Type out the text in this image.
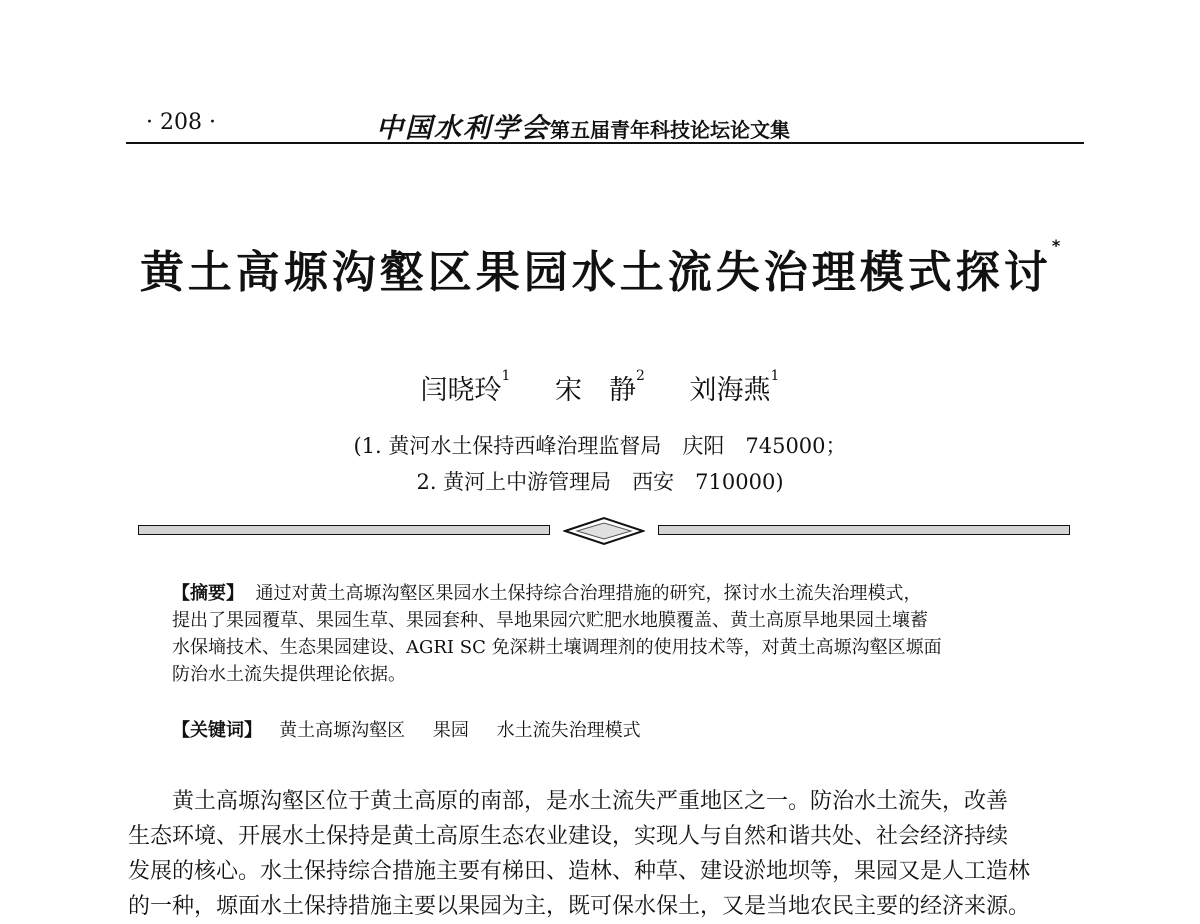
· 208 ·	中国水利学会第五届青年科技论坛论文集
黄土高塬沟壑区果园水土流失治理模式探讨*
闫晓玲$^1$ 宋　静$^2$ 刘海燕$^1$
(1. 黄河水土保持西峰治理监督局　庆阳　745000；
2. 黄河上中游管理局　西安　710000)
【摘要】 通过对黄土高塬沟壑区果园水土保持综合治理措施的研究，探讨水土流失治理模式，
提出了果园覆草、果园生草、果园套种、旱地果园穴贮肥水地膜覆盖、黄土高原旱地果园土壤蓄
水保墒技术、生态果园建设、AGRI SC 免深耕土壤调理剂的使用技术等，对黄土高塬沟壑区塬面
防治水土流失提供理论依据。
【关键词】 黄土高塬沟壑区 果园 水土流失治理模式
黄土高塬沟壑区位于黄土高原的南部，是水土流失严重地区之一。防治水土流失，改善
生态环境、开展水土保持是黄土高原生态农业建设，实现人与自然和谐共处、社会经济持续
发展的核心。水土保持综合措施主要有梯田、造林、种草、建设淤地坝等，果园又是人工造林
的一种，塬面水土保持措施主要以果园为主，既可保水保土，又是当地农民主要的经济来源。
